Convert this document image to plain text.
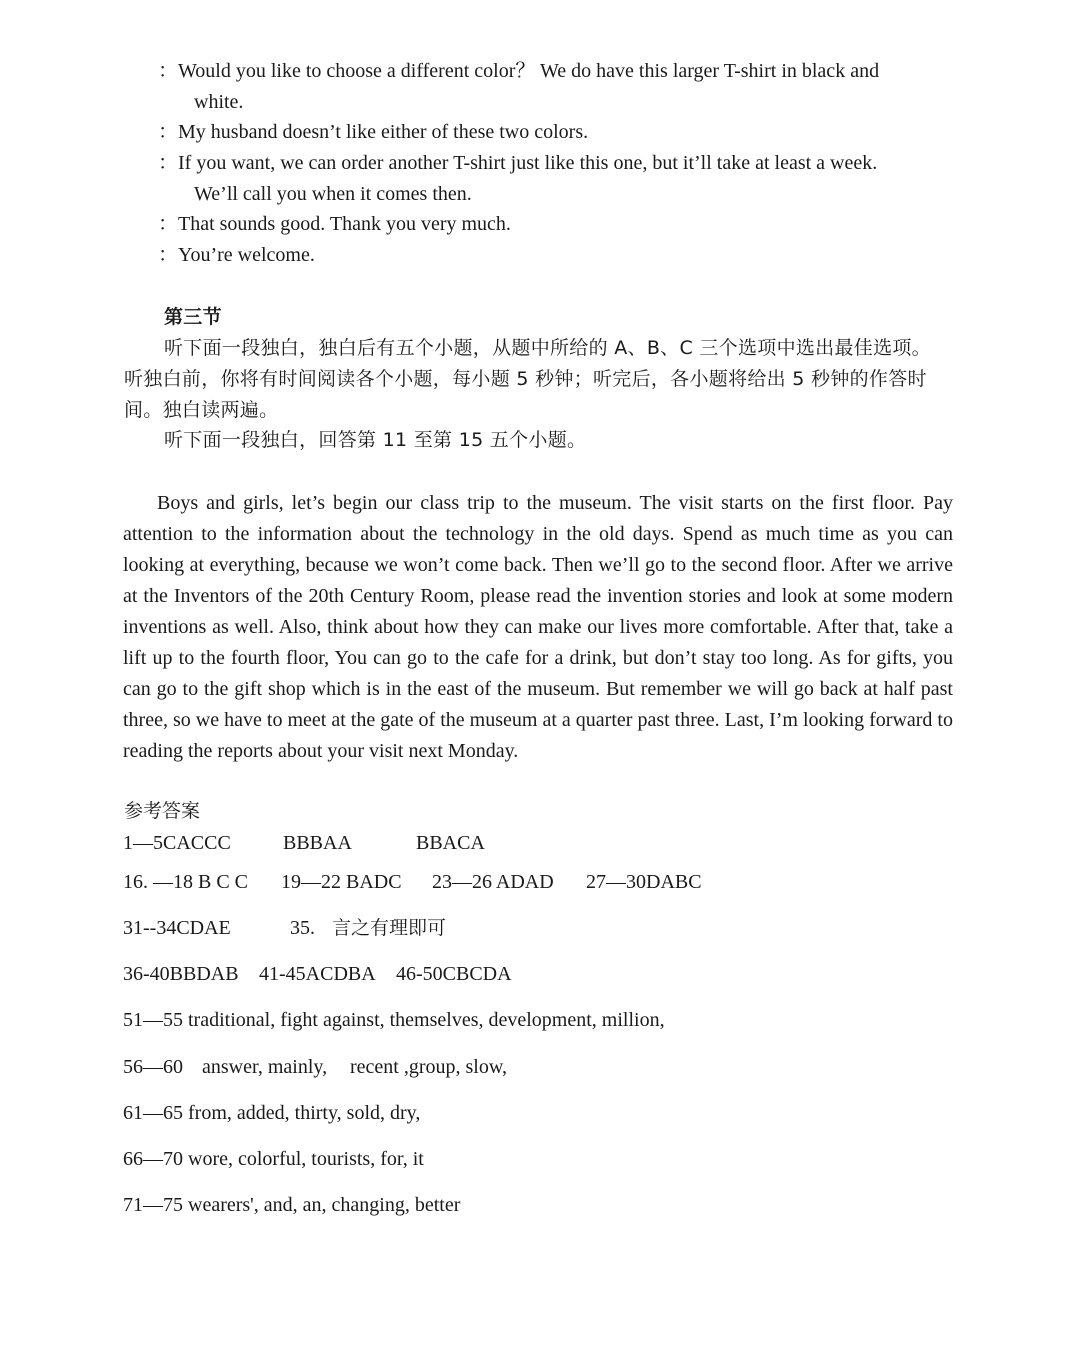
：Would you like to choose a different color？ We do have this larger T-shirt in black and
white.
：My husband doesn’t like either of these two colors.
：If you want, we can order another T-shirt just like this one, but it’ll take at least a week.
We’ll call you when it comes then.
：That sounds good. Thank you very much.
：You’re welcome.
第三节
听下面一段独白，独白后有五个小题，从题中所给的 A、B、C 三个选项中选出最佳选项。听独白前，你将有时间阅读各个小题，每小题 5 秒钟；听完后，各小题将给出 5 秒钟的作答时间。独白读两遍。
听下面一段独白，回答第 11 至第 15 五个小题。
Boys and girls, let’s begin our class trip to the museum. The visit starts on the first floor. Pay attention to the information about the technology in the old days. Spend as much time as you can looking at everything, because we won’t come back. Then we’ll go to the second floor. After we arrive at the Inventors of the 20th Century Room, please read the invention stories and look at some modern inventions as well. Also, think about how they can make our lives more comfortable. After that, take a lift up to the fourth floor, You can go to the cafe for a drink, but don’t stay too long. As for gifts, you can go to the gift shop which is in the east of the museum. But remember we will go back at half past three, so we have to meet at the gate of the museum at a quarter past three. Last, I’m looking forward to reading the reports about your visit next Monday.
参考答案
1—5CACCC	BBBAA	BBACA
16. —18 B C C 19—22 BADC 23—26 ADAD 27—30DABC
31--34CDAE	35. 言之有理即可
36-40BBDAB 41-45ACDBA 46-50CBCDA
51—55 traditional, fight against, themselves, development, million,
56—60 answer, mainly, recent ,group, slow,
61—65 from, added, thirty, sold, dry,
66—70 wore, colorful, tourists, for, it
71—75 wearers', and, an, changing, better
